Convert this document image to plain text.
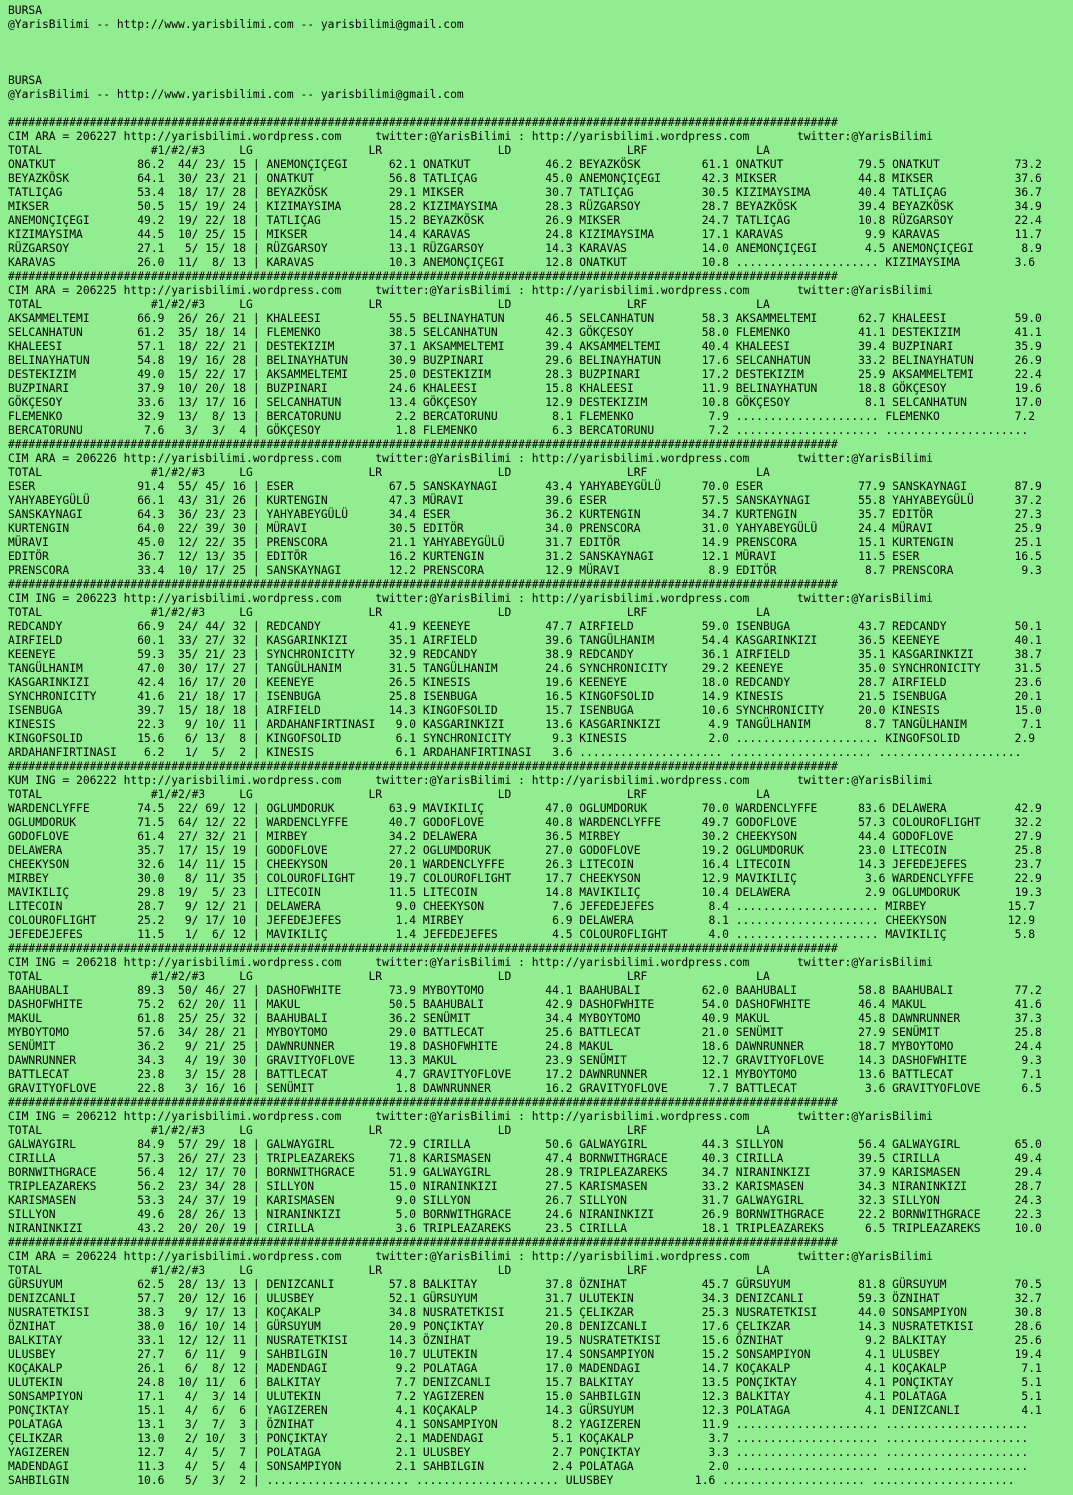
BURSA
@YarisBilimi -- http://www.yarisbilimi.com -- yarisbilimi@gmail.com

BURSA
@YarisBilimi -- http://www.yarisbilimi.com -- yarisbilimi@gmail.com

##########################################################################################################################
CIM ARA = 206227 http://yarisbilimi.wordpress.com     twitter:@YarisBilimi : http://yarisbilimi.wordpress.com       twitter:@YarisBilimi
TOTAL                #1/#2/#3     LG                 LR                 LD                 LRF                LA
ONATKUT            86.2  44/ 23/ 15 | ANEMONÇIÇEGI      62.1 ONATKUT           46.2 BEYAZKÖSK         61.1 ONATKUT           79.5 ONATKUT           73.2
BEYAZKÖSK          64.1  30/ 23/ 21 | ONATKUT           56.8 TATLIÇAG          45.0 ANEMONÇIÇEGI      42.3 MIKSER            44.8 MIKSER            37.6
TATLIÇAG           53.4  18/ 17/ 28 | BEYAZKÖSK         29.1 MIKSER            30.7 TATLIÇAG          30.5 KIZIMAYSIMA       40.4 TATLIÇAG          36.7
MIKSER             50.5  15/ 19/ 24 | KIZIMAYSIMA       28.2 KIZIMAYSIMA       28.3 RÜZGARSOY         28.7 BEYAZKÖSK         39.4 BEYAZKÖSK         34.9
ANEMONÇIÇEGI       49.2  19/ 22/ 18 | TATLIÇAG          15.2 BEYAZKÖSK         26.9 MIKSER            24.7 TATLIÇAG          10.8 RÜZGARSOY         22.4
KIZIMAYSIMA        44.5  10/ 25/ 15 | MIKSER            14.4 KARAVAS           24.8 KIZIMAYSIMA       17.1 KARAVAS            9.9 KARAVAS           11.7
RÜZGARSOY          27.1   5/ 15/ 18 | RÜZGARSOY         13.1 RÜZGARSOY         14.3 KARAVAS           14.0 ANEMONÇIÇEGI       4.5 ANEMONÇIÇEGI       8.9
KARAVAS            26.0  11/  8/ 13 | KARAVAS           10.3 ANEMONÇIÇEGI      12.8 ONATKUT           10.8 ..................... KIZIMAYSIMA        3.6
##########################################################################################################################
CIM ARA = 206225 http://yarisbilimi.wordpress.com     twitter:@YarisBilimi : http://yarisbilimi.wordpress.com       twitter:@YarisBilimi
TOTAL                #1/#2/#3     LG                 LR                 LD                 LRF                LA
AKSAMMELTEMI       66.9  26/ 26/ 21 | KHALEESI          55.5 BELINAYHATUN      46.5 SELCANHATUN       58.3 AKSAMMELTEMI      62.7 KHALEESI          59.0
SELCANHATUN        61.2  35/ 18/ 14 | FLEMENKO          38.5 SELCANHATUN       42.3 GÖKÇESOY          58.0 FLEMENKO          41.1 DESTEKIZIM        41.1
KHALEESI           57.1  18/ 22/ 21 | DESTEKIZIM        37.1 AKSAMMELTEMI      39.4 AKSAMMELTEMI      40.4 KHALEESI          39.4 BUZPINARI         35.9
BELINAYHATUN       54.8  19/ 16/ 28 | BELINAYHATUN      30.9 BUZPINARI         29.6 BELINAYHATUN      17.6 SELCANHATUN       33.2 BELINAYHATUN      26.9
DESTEKIZIM         49.0  15/ 22/ 17 | AKSAMMELTEMI      25.0 DESTEKIZIM        28.3 BUZPINARI         17.2 DESTEKIZIM        25.9 AKSAMMELTEMI      22.4
BUZPINARI          37.9  10/ 20/ 18 | BUZPINARI         24.6 KHALEESI          15.8 KHALEESI          11.9 BELINAYHATUN      18.8 GÖKÇESOY          19.6
GÖKÇESOY           33.6  13/ 17/ 16 | SELCANHATUN       13.4 GÖKÇESOY          12.9 DESTEKIZIM        10.8 GÖKÇESOY           8.1 SELCANHATUN       17.0
FLEMENKO           32.9  13/  8/ 13 | BERCATORUNU        2.2 BERCATORUNU        8.1 FLEMENKO           7.9 ..................... FLEMENKO           7.2
BERCATORUNU         7.6   3/  3/  4 | GÖKÇESOY           1.8 FLEMENKO           6.3 BERCATORUNU        7.2 ..................... .....................
##########################################################################################################################
CIM ARA = 206226 http://yarisbilimi.wordpress.com     twitter:@YarisBilimi : http://yarisbilimi.wordpress.com       twitter:@YarisBilimi
TOTAL                #1/#2/#3     LG                 LR                 LD                 LRF                LA
ESER               91.4  55/ 45/ 16 | ESER              67.5 SANSKAYNAGI       43.4 YAHYABEYGÜLÜ      70.0 ESER              77.9 SANSKAYNAGI       87.9
YAHYABEYGÜLÜ       66.1  43/ 31/ 26 | KURTENGIN         47.3 MÜRAVI            39.6 ESER              57.5 SANSKAYNAGI       55.8 YAHYABEYGÜLÜ      37.2
SANSKAYNAGI        64.3  36/ 23/ 23 | YAHYABEYGÜLÜ      34.4 ESER              36.2 KURTENGIN         34.7 KURTENGIN         35.7 EDITÖR            27.3
KURTENGIN          64.0  22/ 39/ 30 | MÜRAVI            30.5 EDITÖR            34.0 PRENSCORA         31.0 YAHYABEYGÜLÜ      24.4 MÜRAVI            25.9
MÜRAVI             45.0  12/ 22/ 35 | PRENSCORA         21.1 YAHYABEYGÜLÜ      31.7 EDITÖR            14.9 PRENSCORA         15.1 KURTENGIN         25.1
EDITÖR             36.7  12/ 13/ 35 | EDITÖR            16.2 KURTENGIN         31.2 SANSKAYNAGI       12.1 MÜRAVI            11.5 ESER              16.5
PRENSCORA          33.4  10/ 17/ 25 | SANSKAYNAGI       12.2 PRENSCORA         12.9 MÜRAVI             8.9 EDITÖR             8.7 PRENSCORA          9.3
##########################################################################################################################
CIM ING = 206223 http://yarisbilimi.wordpress.com     twitter:@YarisBilimi : http://yarisbilimi.wordpress.com       twitter:@YarisBilimi
TOTAL                #1/#2/#3     LG                 LR                 LD                 LRF                LA
REDCANDY           66.9  24/ 44/ 32 | REDCANDY          41.9 KEENEYE           47.7 AIRFIELD          59.0 ISENBUGA          43.7 REDCANDY          50.1
AIRFIELD           60.1  33/ 27/ 32 | KASGARINKIZI      35.1 AIRFIELD          39.6 TANGÜLHANIM       54.4 KASGARINKIZI      36.5 KEENEYE           40.1
KEENEYE            59.3  35/ 21/ 23 | SYNCHRONICITY     32.9 REDCANDY          38.9 REDCANDY          36.1 AIRFIELD          35.1 KASGARINKIZI      38.7
TANGÜLHANIM        47.0  30/ 17/ 27 | TANGÜLHANIM       31.5 TANGÜLHANIM       24.6 SYNCHRONICITY     29.2 KEENEYE           35.0 SYNCHRONICITY     31.5
KASGARINKIZI       42.4  16/ 17/ 20 | KEENEYE           26.5 KINESIS           19.6 KEENEYE           18.0 REDCANDY          28.7 AIRFIELD          23.6
SYNCHRONICITY      41.6  21/ 18/ 17 | ISENBUGA          25.8 ISENBUGA          16.5 KINGOFSOLID       14.9 KINESIS           21.5 ISENBUGA          20.1
ISENBUGA           39.7  15/ 18/ 18 | AIRFIELD          14.3 KINGOFSOLID       15.7 ISENBUGA          10.6 SYNCHRONICITY     20.0 KINESIS           15.0
KINESIS            22.3   9/ 10/ 11 | ARDAHANFIRTINASI   9.0 KASGARINKIZI      13.6 KASGARINKIZI       4.9 TANGÜLHANIM        8.7 TANGÜLHANIM        7.1
KINGOFSOLID        15.6   6/ 13/  8 | KINGOFSOLID        6.1 SYNCHRONICITY      9.3 KINESIS            2.0 ..................... KINGOFSOLID        2.9
ARDAHANFIRTINASI    6.2   1/  5/  2 | KINESIS            6.1 ARDAHANFIRTINASI   3.6 ..................... ..................... .....................
##########################################################################################################################
KUM ING = 206222 http://yarisbilimi.wordpress.com     twitter:@YarisBilimi : http://yarisbilimi.wordpress.com       twitter:@YarisBilimi
TOTAL                #1/#2/#3     LG                 LR                 LD                 LRF                LA
WARDENCLYFFE       74.5  22/ 69/ 12 | OGLUMDORUK        63.9 MAVIKILIÇ         47.0 OGLUMDORUK        70.0 WARDENCLYFFE      83.6 DELAWERA          42.9
OGLUMDORUK         71.5  64/ 12/ 22 | WARDENCLYFFE      40.7 GODOFLOVE         40.8 WARDENCLYFFE      49.7 GODOFLOVE         57.3 COLOUROFLIGHT     32.2
GODOFLOVE          61.4  27/ 32/ 21 | MIRBEY            34.2 DELAWERA          36.5 MIRBEY            30.2 CHEEKYSON         44.4 GODOFLOVE         27.9
DELAWERA           35.7  17/ 15/ 19 | GODOFLOVE         27.2 OGLUMDORUK        27.0 GODOFLOVE         19.2 OGLUMDORUK        23.0 LITECOIN          25.8
CHEEKYSON          32.6  14/ 11/ 15 | CHEEKYSON         20.1 WARDENCLYFFE      26.3 LITECOIN          16.4 LITECOIN          14.3 JEFEDEJEFES       23.7
MIRBEY             30.0   8/ 11/ 35 | COLOUROFLIGHT     19.7 COLOUROFLIGHT     17.7 CHEEKYSON         12.9 MAVIKILIÇ          3.6 WARDENCLYFFE      22.9
MAVIKILIÇ          29.8  19/  5/ 23 | LITECOIN          11.5 LITECOIN          14.8 MAVIKILIÇ         10.4 DELAWERA           2.9 OGLUMDORUK        19.3
LITECOIN           28.7   9/ 12/ 21 | DELAWERA           9.0 CHEEKYSON          7.6 JEFEDEJEFES        8.4 ..................... MIRBEY            15.7
COLOUROFLIGHT      25.2   9/ 17/ 10 | JEFEDEJEFES        1.4 MIRBEY             6.9 DELAWERA           8.1 ..................... CHEEKYSON         12.9
JEFEDEJEFES        11.5   1/  6/ 12 | MAVIKILIÇ          1.4 JEFEDEJEFES        4.5 COLOUROFLIGHT      4.0 ..................... MAVIKILIÇ          5.8
##########################################################################################################################
CIM ING = 206218 http://yarisbilimi.wordpress.com     twitter:@YarisBilimi : http://yarisbilimi.wordpress.com       twitter:@YarisBilimi
TOTAL                #1/#2/#3     LG                 LR                 LD                 LRF                LA
BAAHUBALI          89.3  50/ 46/ 27 | DASHOFWHITE       73.9 MYBOYTOMO         44.1 BAAHUBALI         62.0 BAAHUBALI         58.8 BAAHUBALI         77.2
DASHOFWHITE        75.2  62/ 20/ 11 | MAKUL             50.5 BAAHUBALI         42.9 DASHOFWHITE       54.0 DASHOFWHITE       46.4 MAKUL             41.6
MAKUL              61.8  25/ 25/ 32 | BAAHUBALI         36.2 SENÜMIT           34.4 MYBOYTOMO         40.9 MAKUL             45.8 DAWNRUNNER        37.3
MYBOYTOMO          57.6  34/ 28/ 21 | MYBOYTOMO         29.0 BATTLECAT         25.6 BATTLECAT         21.0 SENÜMIT           27.9 SENÜMIT           25.8
SENÜMIT            36.2   9/ 21/ 25 | DAWNRUNNER        19.8 DASHOFWHITE       24.8 MAKUL             18.6 DAWNRUNNER        18.7 MYBOYTOMO         24.4
DAWNRUNNER         34.3   4/ 19/ 30 | GRAVITYOFLOVE     13.3 MAKUL             23.9 SENÜMIT           12.7 GRAVITYOFLOVE     14.3 DASHOFWHITE        9.3
BATTLECAT          23.8   3/ 15/ 28 | BATTLECAT          4.7 GRAVITYOFLOVE     17.2 DAWNRUNNER        12.1 MYBOYTOMO         13.6 BATTLECAT          7.1
GRAVITYOFLOVE      22.8   3/ 16/ 16 | SENÜMIT            1.8 DAWNRUNNER        16.2 GRAVITYOFLOVE      7.7 BATTLECAT          3.6 GRAVITYOFLOVE      6.5
##########################################################################################################################
CIM ING = 206212 http://yarisbilimi.wordpress.com     twitter:@YarisBilimi : http://yarisbilimi.wordpress.com       twitter:@YarisBilimi
TOTAL                #1/#2/#3     LG                 LR                 LD                 LRF                LA
GALWAYGIRL         84.9  57/ 29/ 18 | GALWAYGIRL        72.9 CIRILLA           50.6 GALWAYGIRL        44.3 SILLYON           56.4 GALWAYGIRL        65.0
CIRILLA            57.3  26/ 27/ 23 | TRIPLEAZAREKS     71.8 KARISMASEN        47.4 BORNWITHGRACE     40.3 CIRILLA           39.5 CIRILLA           49.4
BORNWITHGRACE      56.4  12/ 17/ 70 | BORNWITHGRACE     51.9 GALWAYGIRL        28.9 TRIPLEAZAREKS     34.7 NIRANINKIZI       37.9 KARISMASEN        29.4
TRIPLEAZAREKS      56.2  23/ 34/ 28 | SILLYON           15.0 NIRANINKIZI       27.5 KARISMASEN        33.2 KARISMASEN        34.3 NIRANINKIZI       28.7
KARISMASEN         53.3  24/ 37/ 19 | KARISMASEN         9.0 SILLYON           26.7 SILLYON           31.7 GALWAYGIRL        32.3 SILLYON           24.3
SILLYON            49.6  28/ 26/ 13 | NIRANINKIZI        5.0 BORNWITHGRACE     24.6 NIRANINKIZI       26.9 BORNWITHGRACE     22.2 BORNWITHGRACE     22.3
NIRANINKIZI        43.2  20/ 20/ 19 | CIRILLA            3.6 TRIPLEAZAREKS     23.5 CIRILLA           18.1 TRIPLEAZAREKS      6.5 TRIPLEAZAREKS     10.0
##########################################################################################################################
CIM ARA = 206224 http://yarisbilimi.wordpress.com     twitter:@YarisBilimi : http://yarisbilimi.wordpress.com       twitter:@YarisBilimi
TOTAL                #1/#2/#3     LG                 LR                 LD                 LRF                LA
GÜRSUYUM           62.5  28/ 13/ 13 | DENIZCANLI        57.8 BALKITAY          37.8 ÖZNIHAT           45.7 GÜRSUYUM          81.8 GÜRSUYUM          70.5
DENIZCANLI         57.7  20/ 12/ 16 | ULUSBEY           52.1 GÜRSUYUM          31.7 ULUTEKIN          34.3 DENIZCANLI        59.3 ÖZNIHAT           32.7
NUSRATETKISI       38.3   9/ 17/ 13 | KOÇAKALP          34.8 NUSRATETKISI      21.5 ÇELIKZAR          25.3 NUSRATETKISI      44.0 SONSAMPIYON       30.8
ÖZNIHAT            38.0  16/ 10/ 14 | GÜRSUYUM          20.9 PONÇIKTAY         20.8 DENIZCANLI        17.6 ÇELIKZAR          14.3 NUSRATETKISI      28.6
BALKITAY           33.1  12/ 12/ 11 | NUSRATETKISI      14.3 ÖZNIHAT           19.5 NUSRATETKISI      15.6 ÖZNIHAT            9.2 BALKITAY          25.6
ULUSBEY            27.7   6/ 11/  9 | SAHBILGIN         10.7 ULUTEKIN          17.4 SONSAMPIYON       15.2 SONSAMPIYON        4.1 ULUSBEY           19.4
KOÇAKALP           26.1   6/  8/ 12 | MADENDAGI          9.2 POLATAGA          17.0 MADENDAGI         14.7 KOÇAKALP           4.1 KOÇAKALP           7.1
ULUTEKIN           24.8  10/ 11/  6 | BALKITAY           7.7 DENIZCANLI        15.7 BALKITAY          13.5 PONÇIKTAY          4.1 PONÇIKTAY          5.1
SONSAMPIYON        17.1   4/  3/ 14 | ULUTEKIN           7.2 YAGIZEREN         15.0 SAHBILGIN         12.3 BALKITAY           4.1 POLATAGA           5.1
PONÇIKTAY          15.1   4/  6/  6 | YAGIZEREN          4.1 KOÇAKALP          14.3 GÜRSUYUM          12.3 POLATAGA           4.1 DENIZCANLI         4.1
POLATAGA           13.1   3/  7/  3 | ÖZNIHAT            4.1 SONSAMPIYON        8.2 YAGIZEREN         11.9 ..................... .....................
ÇELIKZAR           13.0   2/ 10/  3 | PONÇIKTAY          2.1 MADENDAGI          5.1 KOÇAKALP           3.7 ..................... .....................
YAGIZEREN          12.7   4/  5/  7 | POLATAGA           2.1 ULUSBEY            2.7 PONÇIKTAY          3.3 ..................... .....................
MADENDAGI          11.3   4/  5/  4 | SONSAMPIYON        2.1 SAHBILGIN          2.4 POLATAGA           2.0 ..................... .....................
SAHBILGIN          10.6   5/  3/  2 | ..................... ..................... ULUSBEY            1.6 ..................... .....................
